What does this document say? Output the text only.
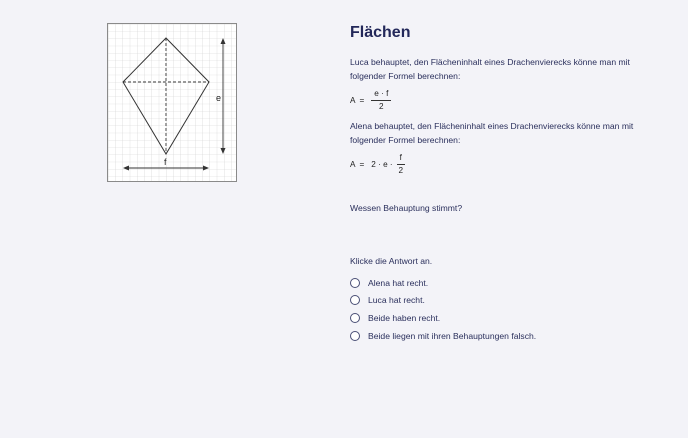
e
f
Flächen

Luca behauptet, den Flächeninhalt eines Drachenvierecks könne man mit folgender Formel berechnen:

$A = \frac{e \cdot f}{2}$

Alena behauptet, den Flächeninhalt eines Drachenvierecks könne man mit folgender Formel berechnen:

$A = 2 \cdot e \cdot \frac{f}{2}$

Wessen Behauptung stimmt?

Klicke die Antwort an.

Alena hat recht.
Luca hat recht.
Beide haben recht.
Beide liegen mit ihren Behauptungen falsch.
